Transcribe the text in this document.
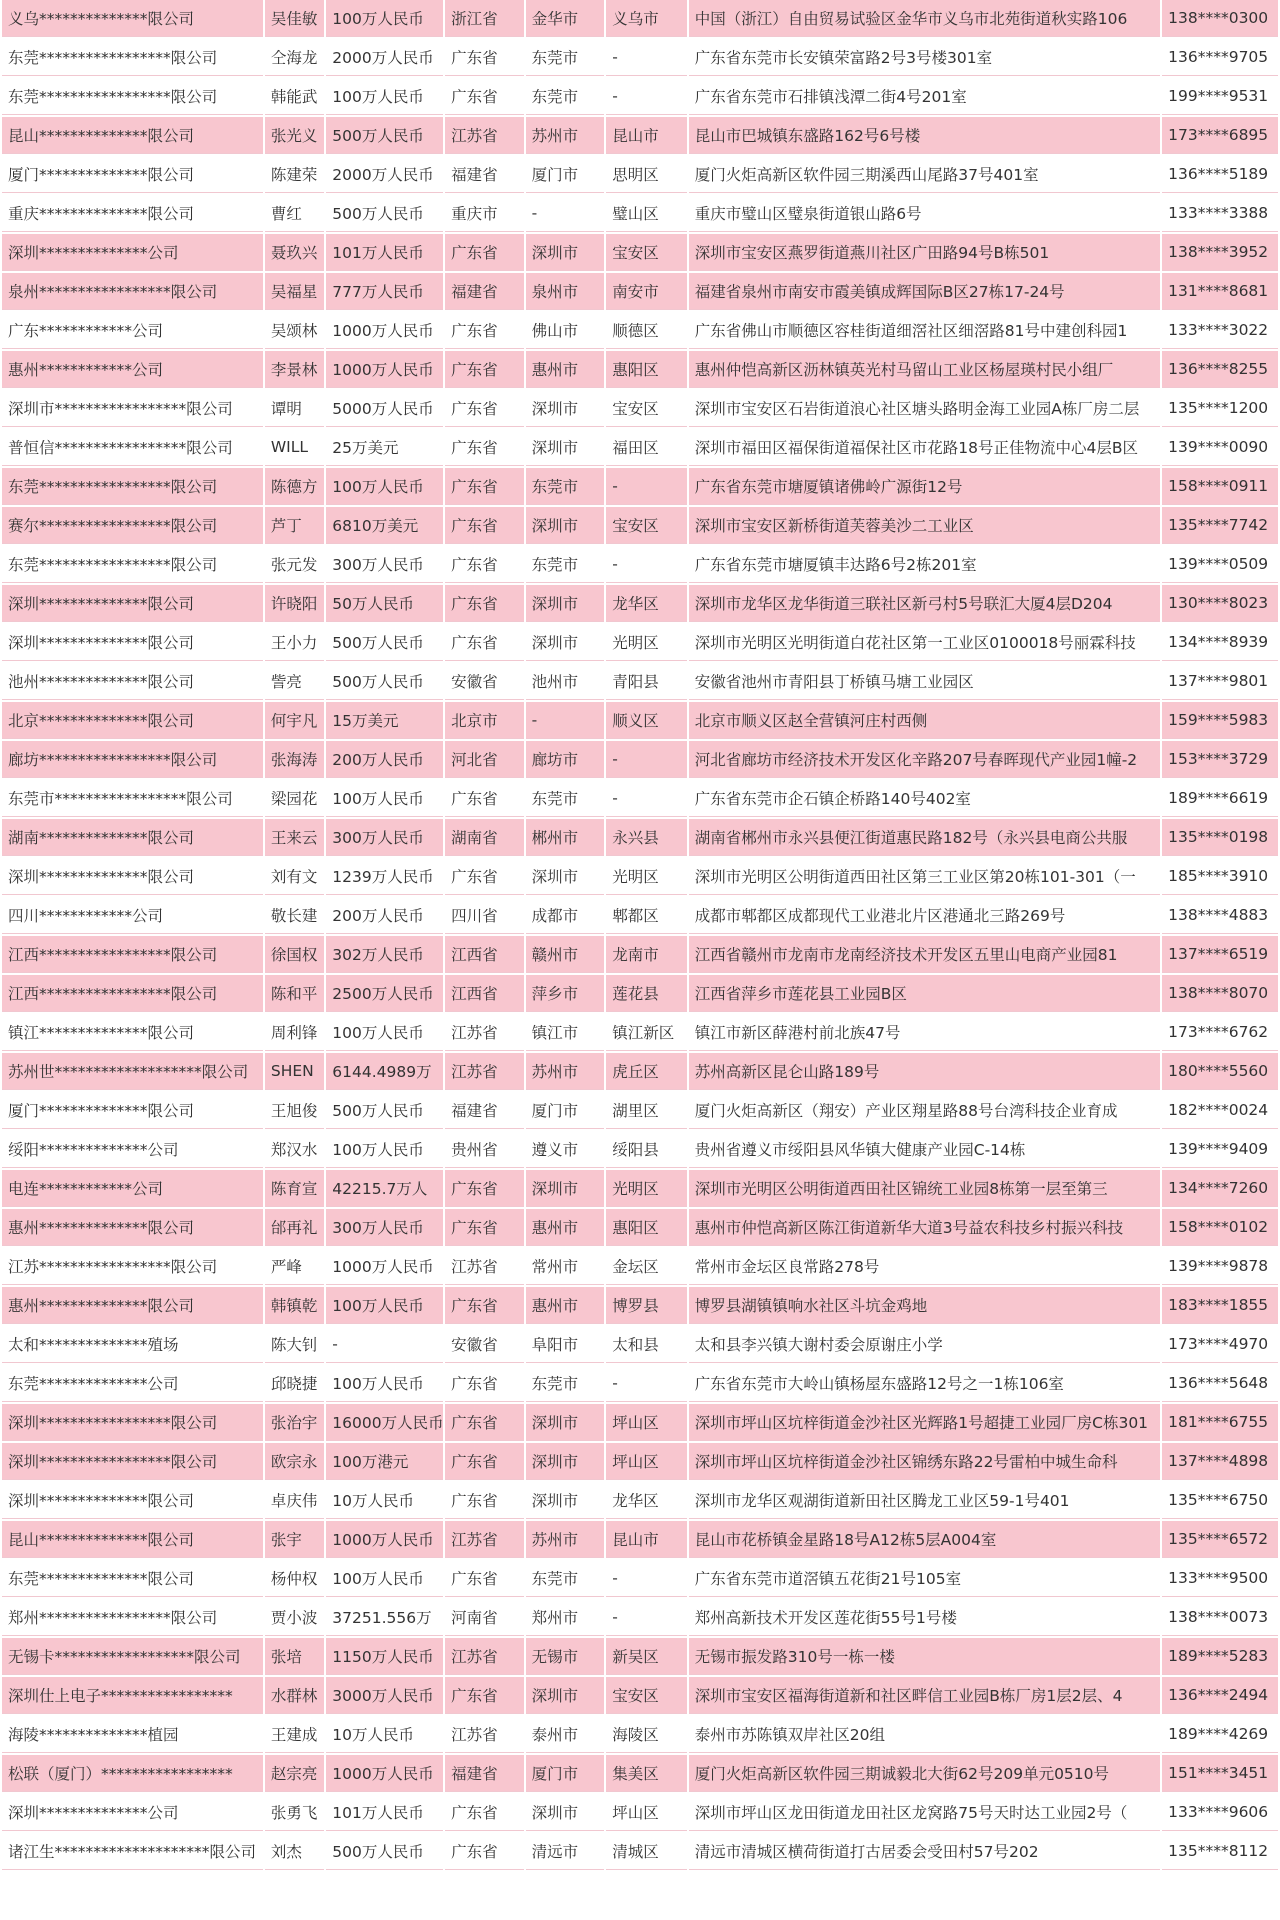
义乌**************限公司	吴佳敏	100万人民币	浙江省	金华市	义乌市	中国（浙江）自由贸易试验区金华市义乌市北苑街道秋实路106	138****0300
东莞*****************限公司	仝海龙	2000万人民币	广东省	东莞市	-	广东省东莞市长安镇荣富路2号3号楼301室	136****9705
东莞*****************限公司	韩能武	100万人民币	广东省	东莞市	-	广东省东莞市石排镇浅潭二街4号201室	199****9531
昆山**************限公司	张光义	500万人民币	江苏省	苏州市	昆山市	昆山市巴城镇东盛路162号6号楼	173****6895
厦门**************限公司	陈建荣	2000万人民币	福建省	厦门市	思明区	厦门火炬高新区软件园三期溪西山尾路37号401室	136****5189
重庆**************限公司	曹红	500万人民币	重庆市	-	璧山区	重庆市璧山区璧泉街道银山路6号	133****3388
深圳**************公司	聂玖兴	101万人民币	广东省	深圳市	宝安区	深圳市宝安区燕罗街道燕川社区广田路94号B栋501	138****3952
泉州*****************限公司	吴福星	777万人民币	福建省	泉州市	南安市	福建省泉州市南安市霞美镇成辉国际B区27栋17-24号	131****8681
广东************公司	吴颂林	1000万人民币	广东省	佛山市	顺德区	广东省佛山市顺德区容桂街道细滘社区细滘路81号中建创科园1	133****3022
惠州************公司	李景林	1000万人民币	广东省	惠州市	惠阳区	惠州仲恺高新区沥林镇英光村马留山工业区杨屋瑛村民小组厂	136****8255
深圳市*****************限公司	谭明	5000万人民币	广东省	深圳市	宝安区	深圳市宝安区石岩街道浪心社区塘头路明金海工业园A栋厂房二层	135****1200
普恒信*****************限公司	WILL	25万美元	广东省	深圳市	福田区	深圳市福田区福保街道福保社区市花路18号正佳物流中心4层B区	139****0090
东莞*****************限公司	陈德方	100万人民币	广东省	东莞市	-	广东省东莞市塘厦镇诸佛岭广源街12号	158****0911
赛尔*****************限公司	芦丁	6810万美元	广东省	深圳市	宝安区	深圳市宝安区新桥街道芙蓉美沙二工业区	135****7742
东莞*****************限公司	张元发	300万人民币	广东省	东莞市	-	广东省东莞市塘厦镇丰达路6号2栋201室	139****0509
深圳**************限公司	许晓阳	50万人民币	广东省	深圳市	龙华区	深圳市龙华区龙华街道三联社区新弓村5号联汇大厦4层D204	130****8023
深圳**************限公司	王小力	500万人民币	广东省	深圳市	光明区	深圳市光明区光明街道白花社区第一工业区0100018号丽霖科技	134****8939
池州**************限公司	訾亮	500万人民币	安徽省	池州市	青阳县	安徽省池州市青阳县丁桥镇马塘工业园区	137****9801
北京**************限公司	何宇凡	15万美元	北京市	-	顺义区	北京市顺义区赵全营镇河庄村西侧	159****5983
廊坊*****************限公司	张海涛	200万人民币	河北省	廊坊市	-	河北省廊坊市经济技术开发区化辛路207号春晖现代产业园1幢-2	153****3729
东莞市*****************限公司	梁园花	100万人民币	广东省	东莞市	-	广东省东莞市企石镇企桥路140号402室	189****6619
湖南**************限公司	王来云	300万人民币	湖南省	郴州市	永兴县	湖南省郴州市永兴县便江街道惠民路182号（永兴县电商公共服	135****0198
深圳**************限公司	刘有文	1239万人民币	广东省	深圳市	光明区	深圳市光明区公明街道西田社区第三工业区第20栋101-301（一	185****3910
四川************公司	敬长建	200万人民币	四川省	成都市	郫都区	成都市郫都区成都现代工业港北片区港通北三路269号	138****4883
江西*****************限公司	徐国权	302万人民币	江西省	赣州市	龙南市	江西省赣州市龙南市龙南经济技术开发区五里山电商产业园81	137****6519
江西*****************限公司	陈和平	2500万人民币	江西省	萍乡市	莲花县	江西省萍乡市莲花县工业园B区	138****8070
镇江**************限公司	周利锋	100万人民币	江苏省	镇江市	镇江新区	镇江市新区薛港村前北族47号	173****6762
苏州世*******************限公司	SHEN	6144.4989万	江苏省	苏州市	虎丘区	苏州高新区昆仑山路189号	180****5560
厦门**************限公司	王旭俊	500万人民币	福建省	厦门市	湖里区	厦门火炬高新区（翔安）产业区翔星路88号台湾科技企业育成	182****0024
绥阳**************公司	郑汉水	100万人民币	贵州省	遵义市	绥阳县	贵州省遵义市绥阳县风华镇大健康产业园C-14栋	139****9409
电连************公司	陈育宣	42215.7万人	广东省	深圳市	光明区	深圳市光明区公明街道西田社区锦统工业园8栋第一层至第三	134****7260
惠州**************限公司	邰再礼	300万人民币	广东省	惠州市	惠阳区	惠州市仲恺高新区陈江街道新华大道3号益农科技乡村振兴科技	158****0102
江苏*****************限公司	严峰	1000万人民币	江苏省	常州市	金坛区	常州市金坛区良常路278号	139****9878
惠州**************限公司	韩镇乾	100万人民币	广东省	惠州市	博罗县	博罗县湖镇镇响水社区斗坑金鸡地	183****1855
太和**************殖场	陈大钊	-	安徽省	阜阳市	太和县	太和县李兴镇大谢村委会原谢庄小学	173****4970
东莞**************公司	邱晓捷	100万人民币	广东省	东莞市	-	广东省东莞市大岭山镇杨屋东盛路12号之一1栋106室	136****5648
深圳*****************限公司	张治宇	16000万人民币	广东省	深圳市	坪山区	深圳市坪山区坑梓街道金沙社区光辉路1号超捷工业园厂房C栋301	181****6755
深圳*****************限公司	欧宗永	100万港元	广东省	深圳市	坪山区	深圳市坪山区坑梓街道金沙社区锦绣东路22号雷柏中城生命科	137****4898
深圳**************限公司	卓庆伟	10万人民币	广东省	深圳市	龙华区	深圳市龙华区观湖街道新田社区腾龙工业区59-1号401	135****6750
昆山**************限公司	张宇	1000万人民币	江苏省	苏州市	昆山市	昆山市花桥镇金星路18号A12栋5层A004室	135****6572
东莞**************限公司	杨仲权	100万人民币	广东省	东莞市	-	广东省东莞市道滘镇五花街21号105室	133****9500
郑州*****************限公司	贾小波	37251.556万	河南省	郑州市	-	郑州高新技术开发区莲花街55号1号楼	138****0073
无锡卡******************限公司	张培	1150万人民币	江苏省	无锡市	新吴区	无锡市振发路310号一栋一楼	189****5283
深圳仕上电子*****************	水群林	3000万人民币	广东省	深圳市	宝安区	深圳市宝安区福海街道新和社区畔信工业园B栋厂房1层2层、4	136****2494
海陵**************植园	王建成	10万人民币	江苏省	泰州市	海陵区	泰州市苏陈镇双岸社区20组	189****4269
松联（厦门）*****************	赵宗亮	1000万人民币	福建省	厦门市	集美区	厦门火炬高新区软件园三期诚毅北大街62号209单元0510号	151****3451
深圳**************公司	张勇飞	101万人民币	广东省	深圳市	坪山区	深圳市坪山区龙田街道龙田社区龙窝路75号天时达工业园2号（	133****9606
诸江生********************限公司	刘杰	500万人民币	广东省	清远市	清城区	清远市清城区横荷街道打古居委会受田村57号202	135****8112
